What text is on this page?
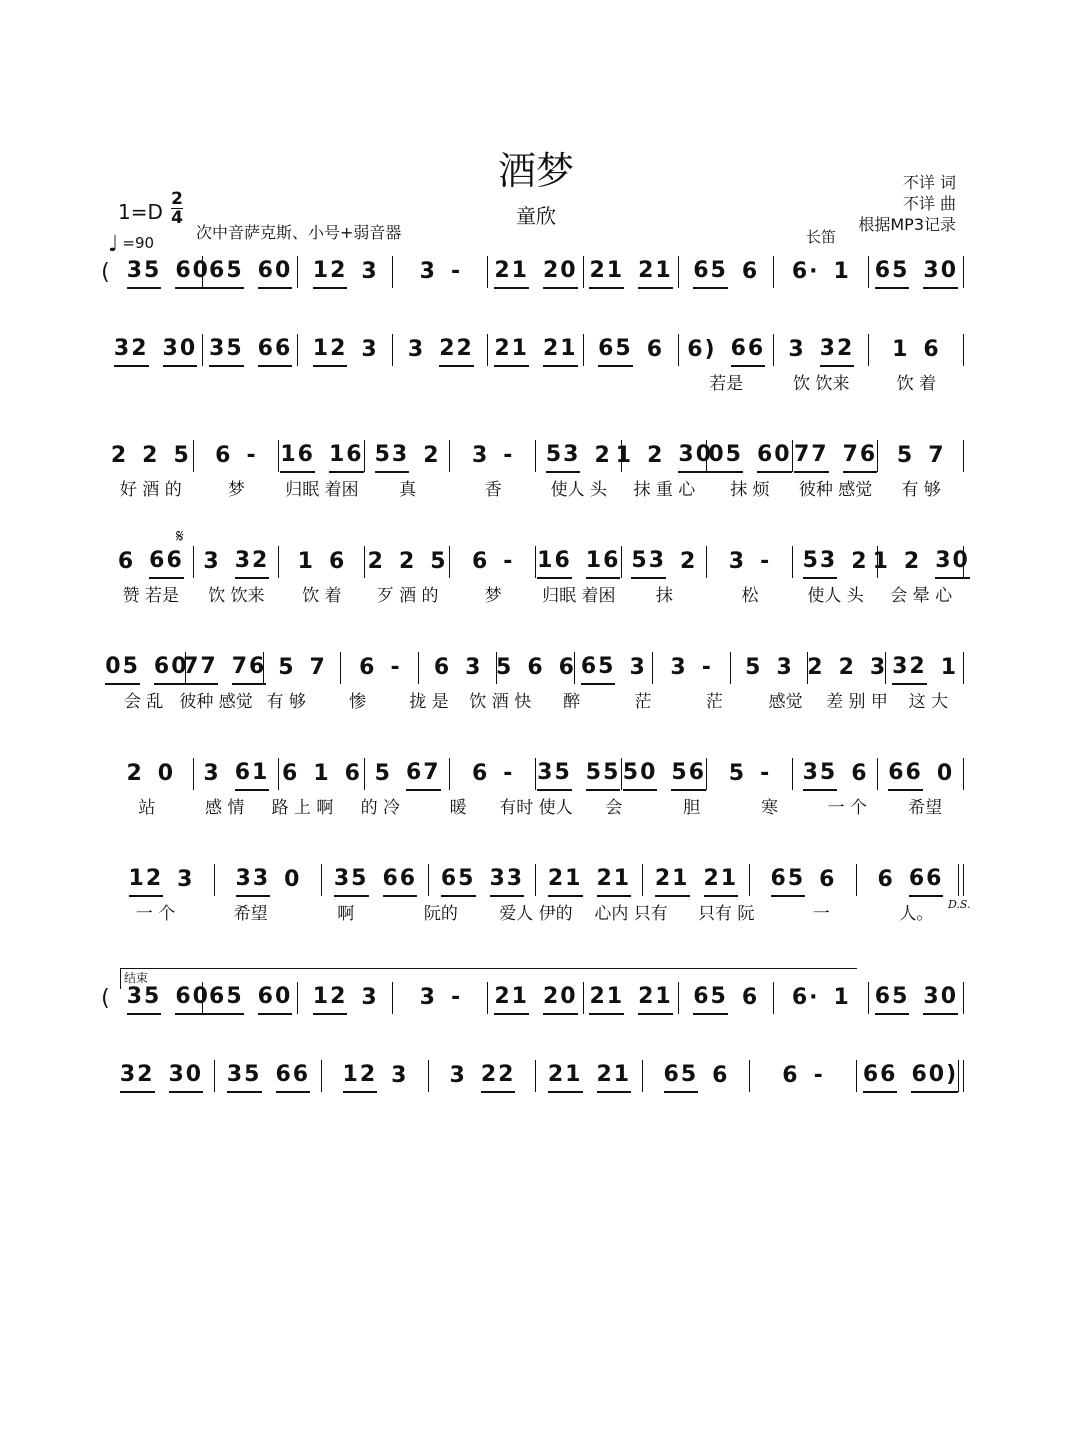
酒梦
童欣
不详 词
不详 曲
根据MP3记录
1=D
2
4
次中音萨克斯、小号+弱音器
♩ =90	长笛
𝄋
结束
( 35 60 65 60 12 3 3 - 21 20 21 21 65 6 6· 1 65 30
32 30 35 66 12 3 3 22 21 21 65 6 6) 66 3 32 1 6
若是	饮 饮来	饮 着
2 2 5 6 - 16 16 53 2 3 - 53 2 1 2 30
05 60 77 76 5 7
好 酒 的	梦	归眠 着困	真	香	使人 头	抹 重 心	抹 烦	彼种 感觉	有 够
6 66 3 32 1 6 2 2 5 6 - 16 16 53 2 3 - 53 2 1 2 30
赞 若是	饮 饮来	饮 着	歹 酒 的	梦	归眠 着困	抹	松	使人 头	会 晕 心
05 60
77 76 5 7 6 - 6 3 5 6 6 65 3 3 - 5 3 2 2 3 32 1
会 乱 彼种 感觉 有 够	惨	拢 是	饮 酒 快	醉	茫	茫	感觉	差 别 甲	这 大
2 0 3 61 6 1 6 5 67 6 - 35 55 50 56 5 - 35 6 66 0
站	感 情	路 上 啊	的 冷	暖	有时 使人	会	胆	寒	一 个	希望
12 3 33 0 35 66 65 33 21 21 21 21 65 6 6 66
一 个	希望	啊	阮的	爱人 伊的	心内 只有	只有 阮	一	人。
( 35 60 65 60 12 3 3 - 21 20 21 21 65 6 6· 1 65 30
32 30 35 66 12 3 3 22 21 21 65 6 6 - 66 60)
D.S.
